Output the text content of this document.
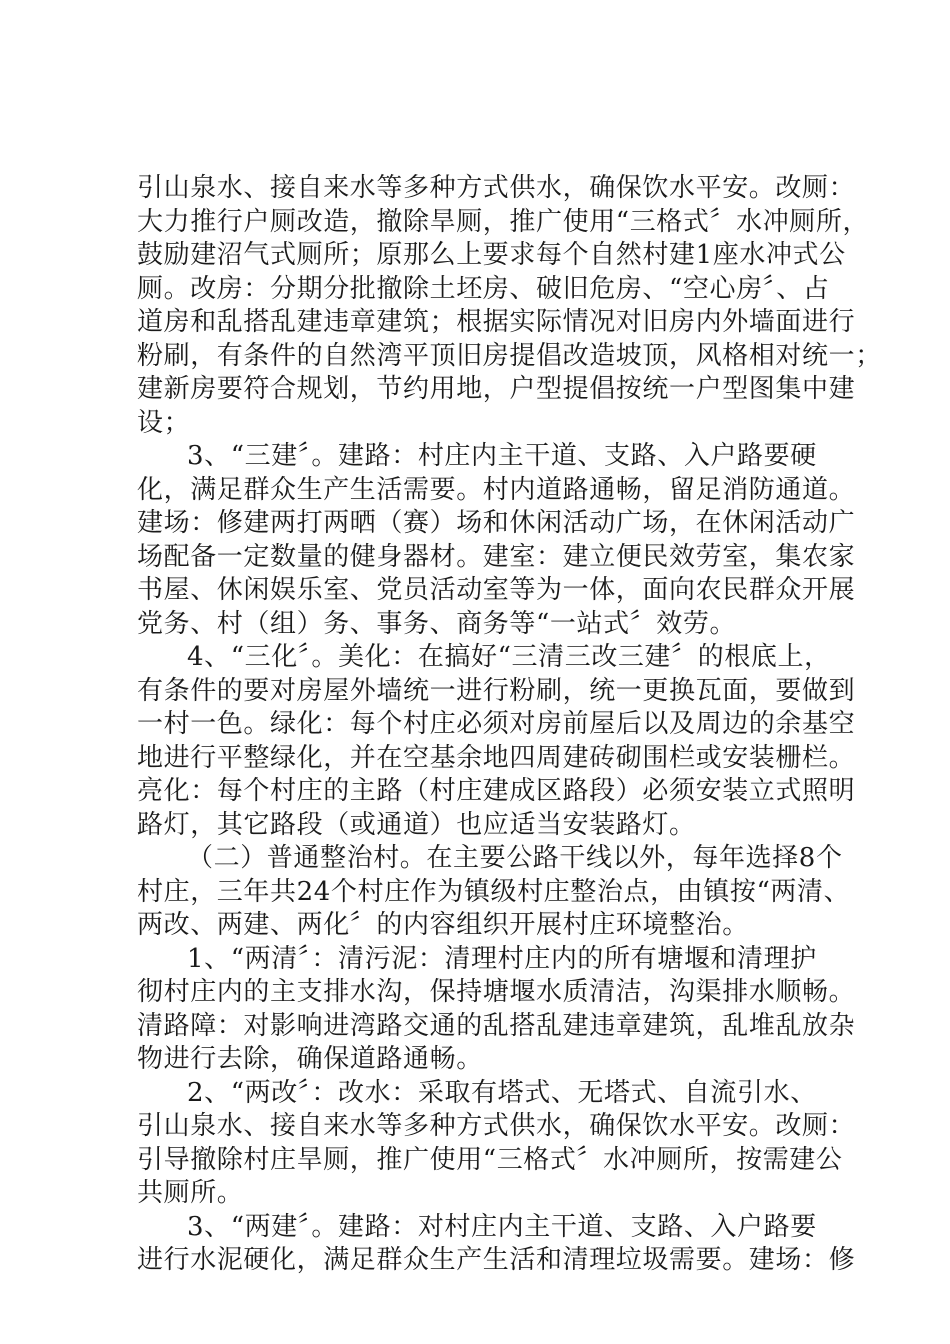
引山泉水、接自来水等多种方式供水，确保饮水平安。改厕：
大力推行户厕改造，撤除旱厕，推广使用“三格式〞水冲厕所，
鼓励建沼气式厕所；原那么上要求每个自然村建1座水冲式公
厕。改房：分期分批撤除土坯房、破旧危房、“空心房〞、占
道房和乱搭乱建违章建筑；根据实际情况对旧房内外墙面进行
粉刷，有条件的自然湾平顶旧房提倡改造坡顶，风格相对统一；
建新房要符合规划，节约用地，户型提倡按统一户型图集中建
设；
3、“三建〞。建路：村庄内主干道、支路、入户路要硬
化，满足群众生产生活需要。村内道路通畅，留足消防通道。
建场：修建两打两晒（赛）场和休闲活动广场，在休闲活动广
场配备一定数量的健身器材。建室：建立便民效劳室，集农家
书屋、休闲娱乐室、党员活动室等为一体，面向农民群众开展
党务、村（组）务、事务、商务等“一站式〞效劳。
4、“三化〞。美化：在搞好“三清三改三建〞的根底上，
有条件的要对房屋外墙统一进行粉刷，统一更换瓦面，要做到
一村一色。绿化：每个村庄必须对房前屋后以及周边的余基空
地进行平整绿化，并在空基余地四周建砖砌围栏或安装栅栏。
亮化：每个村庄的主路（村庄建成区路段）必须安装立式照明
路灯，其它路段（或通道）也应适当安装路灯。
（二）普通整治村。在主要公路干线以外，每年选择8个
村庄，三年共24个村庄作为镇级村庄整治点，由镇按“两清、
两改、两建、两化〞的内容组织开展村庄环境整治。
1、“两清〞：清污泥：清理村庄内的所有塘堰和清理护
彻村庄内的主支排水沟，保持塘堰水质清洁，沟渠排水顺畅。
清路障：对影响进湾路交通的乱搭乱建违章建筑，乱堆乱放杂
物进行去除，确保道路通畅。
2、“两改〞：改水：采取有塔式、无塔式、自流引水、
引山泉水、接自来水等多种方式供水，确保饮水平安。改厕：
引导撤除村庄旱厕，推广使用“三格式〞水冲厕所，按需建公
共厕所。
3、“两建〞。建路：对村庄内主干道、支路、入户路要
进行水泥硬化，满足群众生产生活和清理垃圾需要。建场：修
